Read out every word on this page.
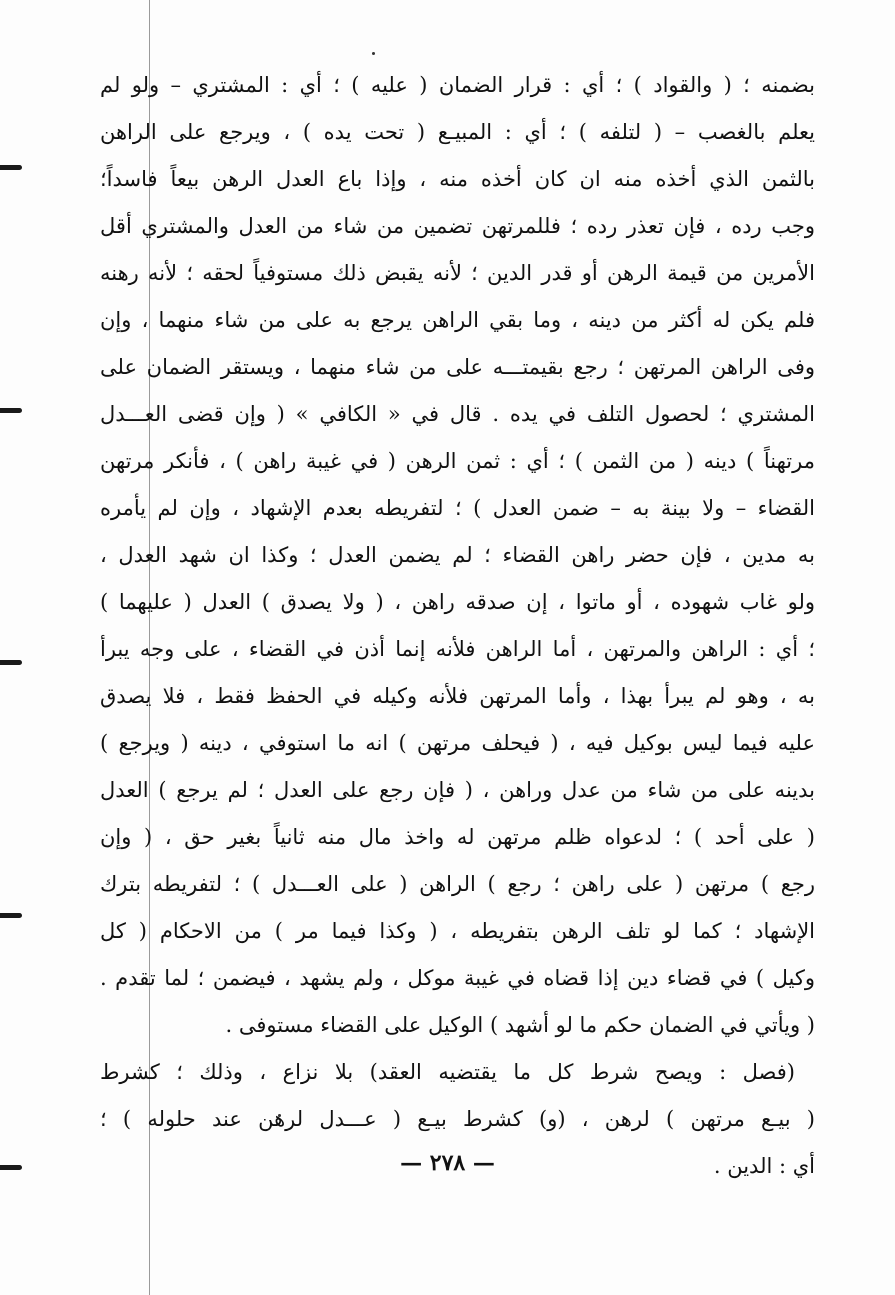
بضمنه ؛ ( والقواد ) ؛ أي : قرار الضمان ( عليه ) ؛ أي : المشتري – ولو لم
يعلم بالغصب – ( لتلفه ) ؛ أي : المبيـع ( تحت يده ) ، ويرجع على الراهن
بالثمن الذي أخذه منه ان كان أخذه منه ، وإذا باع العدل الرهن بيعاً فاسداً؛
وجب رده ، فإن تعذر رده ؛ فللمرتهن تضمين من شاء من العدل والمشتري أقل
الأمرين من قيمة الرهن أو قدر الدين ؛ لأنه يقبض ذلك مستوفياً لحقه ؛ لأنه رهنه
فلم يكن له أكثر من دينه ، وما بقي الراهن يرجع به على من شاء منهما ، وإن
وفى الراهن المرتهن ؛ رجع بقيمتـــه على من شاء منهما ، ويستقر الضمان على
المشتري ؛ لحصول التلف في يده . قال في « الكافي » ( وإن قضى العـــدل
مرتهناً ) دينه ( من الثمن ) ؛ أي : ثمن الرهن ( في غيبة راهن ) ، فأنكر مرتهن
القضاء – ولا بينة به – ضمن العدل ) ؛ لتفريطه بعدم الإشهاد ، وإن لم يأمره
به مدين ، فإن حضر راهن القضاء ؛ لم يضمن العدل ؛ وكذا ان شهد العدل ،
ولو غاب شهوده ، أو ماتوا ، إن صدقه راهن ، ( ولا يصدق ) العدل ( عليهما )
؛ أي : الراهن والمرتهن ، أما الراهن فلأنه إنما أذن في القضاء ، على وجه يبرأ
به ، وهو لم يبرأ بهذا ، وأما المرتهن فلأنه وكيله في الحفظ فقط ، فلا يصدق
عليه فيما ليس بوكيل فيه ، ( فيحلف مرتهن ) انه ما استوفي ، دينه ( ويرجع )
بدينه على من شاء من عدل وراهن ، ( فإن رجع على العدل ؛ لم يرجع ) العدل
( على أحد ) ؛ لدعواه ظلم مرتهن له واخذ مال منه ثانياً بغير حق ، ( وإن
رجع ) مرتهن ( على راهن ؛ رجع ) الراهن ( على العـــدل ) ؛ لتفريطه بترك
الإشهاد ؛ كما لو تلف الرهن بتفريطه ، ( وكذا فيما مر ) من الاحكام ( كل
وكيل ) في قضاء دين إذا قضاه في غيبة موكل ، ولم يشهد ، فيضمن ؛ لما تقدم .
( ويأتي في الضمان حكم ما لو أشهد ) الوكيل على القضاء مستوفى .
(فصل : ويصح شرط كل ما يقتضيه العقد) بلا نزاع ، وذلك ؛ كشرط
( بيـع مرتهن ) لرهن ، (و) كشرط بيـع ( عـــدل لرهن عند حلوله ) ؛
أي : الدين .
— ٢٧٨ —
